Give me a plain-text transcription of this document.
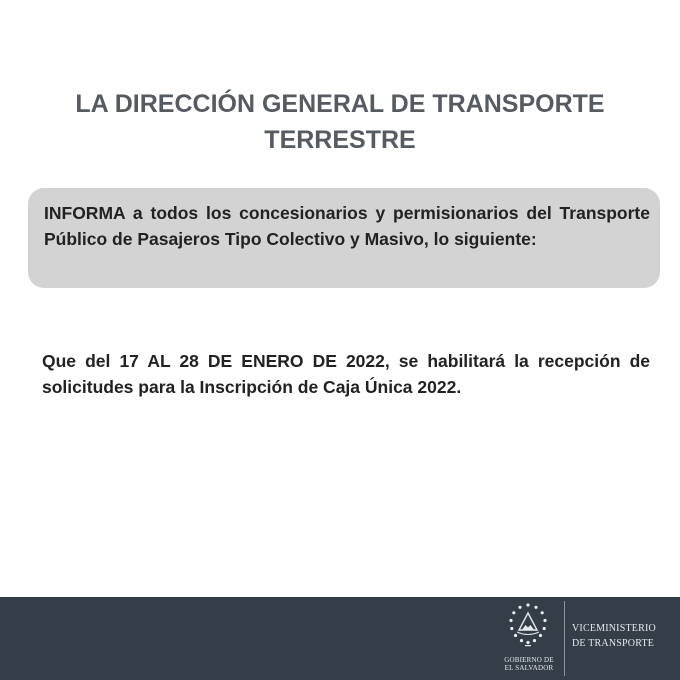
LA DIRECCIÓN GENERAL DE TRANSPORTE
TERRESTRE

INFORMA a todos los concesionarios y permisionarios del Transporte Público de Pasajeros Tipo Colectivo y Masivo, lo siguiente:

Que del 17 AL 28 DE ENERO DE 2022, se habilitará la recepción de solicitudes para la Inscripción de Caja Única 2022.

GOBIERNO DE
EL SALVADOR
VICEMINISTERIO
DE TRANSPORTE
